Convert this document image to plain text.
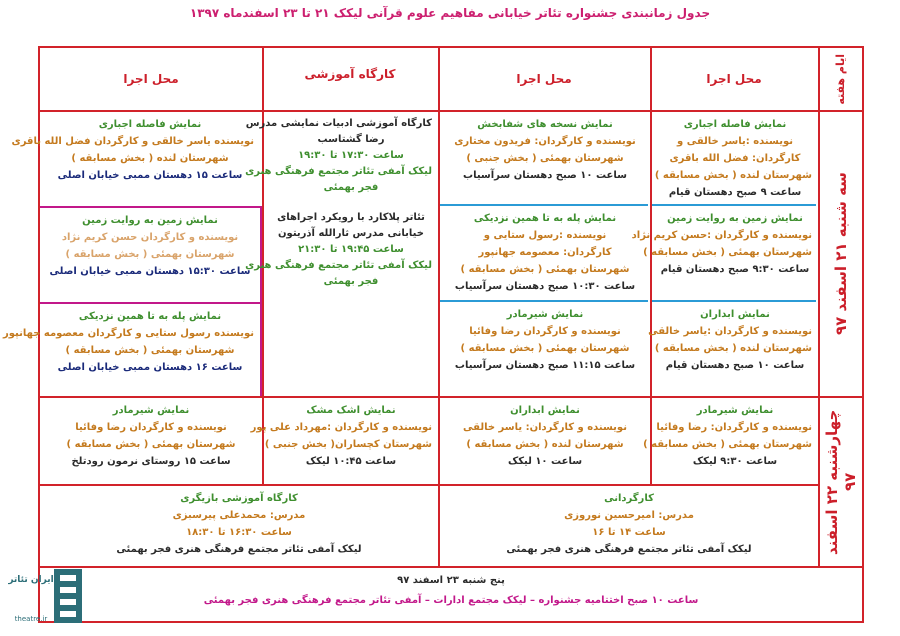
جدول زمانبندی جشنواره تئاتر خیابانی مفاهیم علوم قرآنی لیکک ۲۱ تا ۲۳ اسفندماه ۱۳۹۷
ایام هفته
محل اجرا
محل اجرا
کارگاه آموزشی
محل اجرا
سه شنبه ۲۱ اسفند ۹۷
چهارشنبه ۲۲ اسفند ۹۷
نمایش فاصله اجباری
نویسنده :یاسر خالقی و
کارگردان: فضل الله باقری
شهرستان لنده ( بخش مسابقه )
ساعت ۹ صبح دهستان قیام
نمایش زمین به روایت زمین
نویسنده و کارگردان :حسن کریم نژاد
شهرستان بهمئی ( بخش مسابقه )
ساعت ۹:۳۰ صبح دهستان قیام
نمایش ابداران
نویسنده و کارگردان :یاسر خالقی
شهرستان لنده ( بخش مسابقه )
ساعت ۱۰ صبح دهستان قیام
نمایش نسخه های شفابخش
نویسنده و کارگردان: فریدون مختاری
شهرستان بهمئی ( بخش جنبی )
ساعت ۱۰ صبح دهستان سرآسیاب
نمایش پله به تا همین نزدیکی
نویسنده :رسول ستایی و
کارگردان: معصومه جهانپور
شهرستان بهمئی ( بخش مسابقه )
ساعت ۱۰:۳۰ صبح دهستان سرآسیاب
نمایش شیرمادر
نویسنده و کارگردان رضا وفائیا
شهرستان بهمئی ( بخش مسابقه )
ساعت ۱۱:۱۵ صبح دهستان سرآسیاب
کارگاه آموزشی ادبیات نمایشی مدرس
رضا گشتاسب
ساعت ۱۷:۳۰ تا ۱۹:۳۰
لیکک آمفی تئاتر مجتمع فرهنگی هنری
فجر بهمئی
تئاتر پلاکارد با رویکرد اجراهای
خیابانی مدرس ثارالله آذریتون
ساعت ۱۹:۴۵ تا ۲۱:۳۰
لیکک آمفی تئاتر مجتمع فرهنگی هنری
فجر بهمئی
نمایش فاصله اجباری
نویسنده یاسر خالقی و کارگردان فضل الله باقری
شهرستان لنده ( بخش مسابقه )
ساعت ۱۵ دهستان ممبی خیابان اصلی
نمایش زمین به روایت زمین
نویسنده و کارگردان حسن کریم نژاد
شهرستان بهمئی ( بخش مسابقه )
ساعت ۱۵:۳۰ دهستان ممبی خیابان اصلی
نمایش پله به تا همین نزدیکی
نویسنده رسول ستایی و کارگردان معصومه جهانپور
شهرستان بهمئی ( بخش مسابقه )
ساعت ۱۶ دهستان ممبی خیابان اصلی
نمایش شیرمادر
نویسنده و کارگردان: رضا وفائیا
شهرستان بهمئی ( بخش مسابقه )
ساعت ۹:۳۰ لیکک
نمایش ابداران
نویسنده و کارگردان: یاسر خالقی
شهرستان لنده ( بخش مسابقه )
ساعت ۱۰ لیکک
نمایش اشک مشک
نویسنده و کارگردان :مهرداد علی پور
شهرستان کچساران( بخش جنبی )
ساعت ۱۰:۴۵ لیکک
نمایش شیرمادر
نویسنده و کارگردان رضا وفائیا
شهرستان بهمئی ( بخش مسابقه )
ساعت ۱۵ روستای نرمون رودتلخ
کارگردانی
مدرس: امیرحسین نوروزی
ساعت ۱۴ تا ۱۶
لیکک آمفی تئاتر مجتمع فرهنگی هنری فجر بهمئی
کارگاه آموزشی بازیگری
مدرس: محمدعلی پیرسبزی
ساعت ۱۶:۳۰ تا ۱۸:۳۰
لیکک آمفی تئاتر مجتمع فرهنگی هنری فجر بهمئی
پنج شنبه ۲۳ اسفند ۹۷
ساعت ۱۰ صبح اختتامیه جشنواره – لیکک مجتمع ادارات – آمفی تئاتر مجتمع فرهنگی هنری فجر بهمئی
ایران تئاتر
theatre.ir
